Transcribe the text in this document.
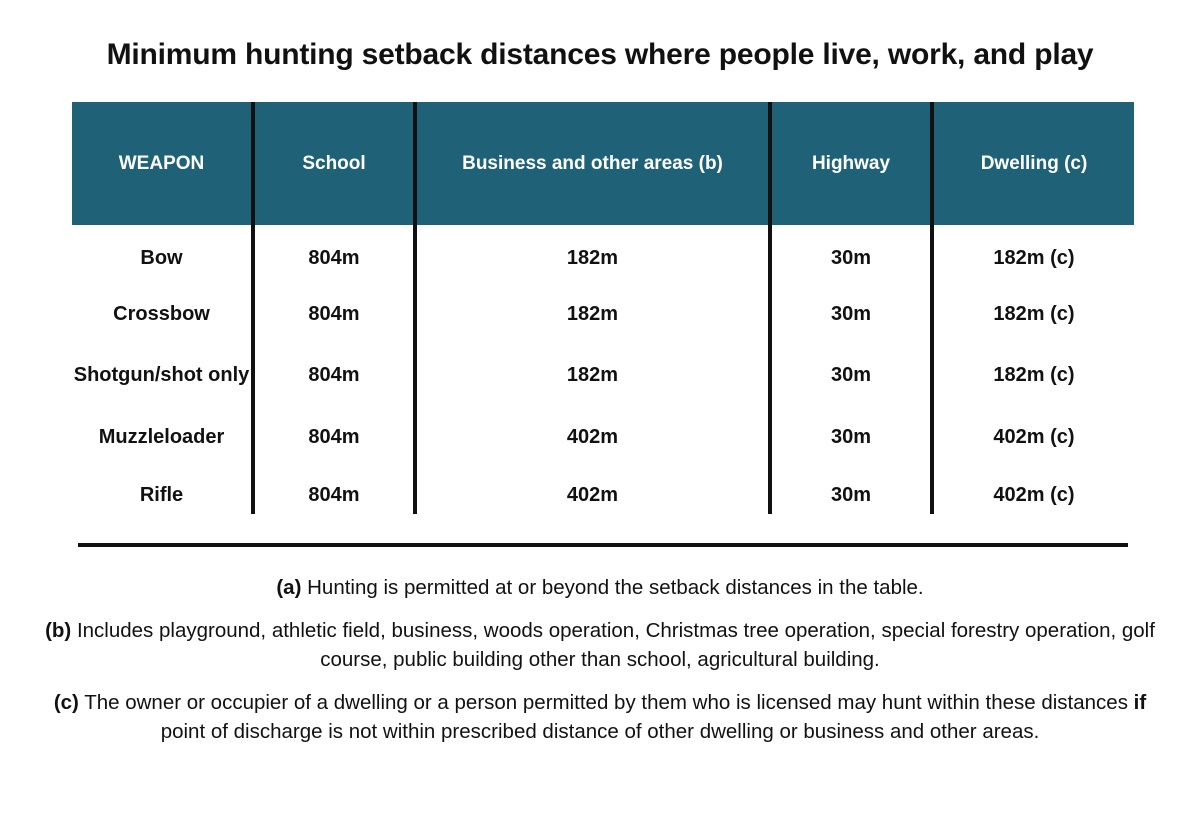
Minimum hunting setback distances where people live, work, and play
WEAPON	School	Business and other areas (b)	Highway	Dwelling (c)
Bow	804m	182m	30m	182m (c)
Crossbow	804m	182m	30m	182m (c)
Shotgun/shot only	804m	182m	30m	182m (c)
Muzzleloader	804m	402m	30m	402m (c)
Rifle	804m	402m	30m	402m (c)

(a) Hunting is permitted at or beyond the setback distances in the table.

(b) Includes playground, athletic field, business, woods operation, Christmas tree operation, special forestry operation, golf course, public building other than school, agricultural building.

(c) The owner or occupier of a dwelling or a person permitted by them who is licensed may hunt within these distances if point of discharge is not within prescribed distance of other dwelling or business and other areas.
